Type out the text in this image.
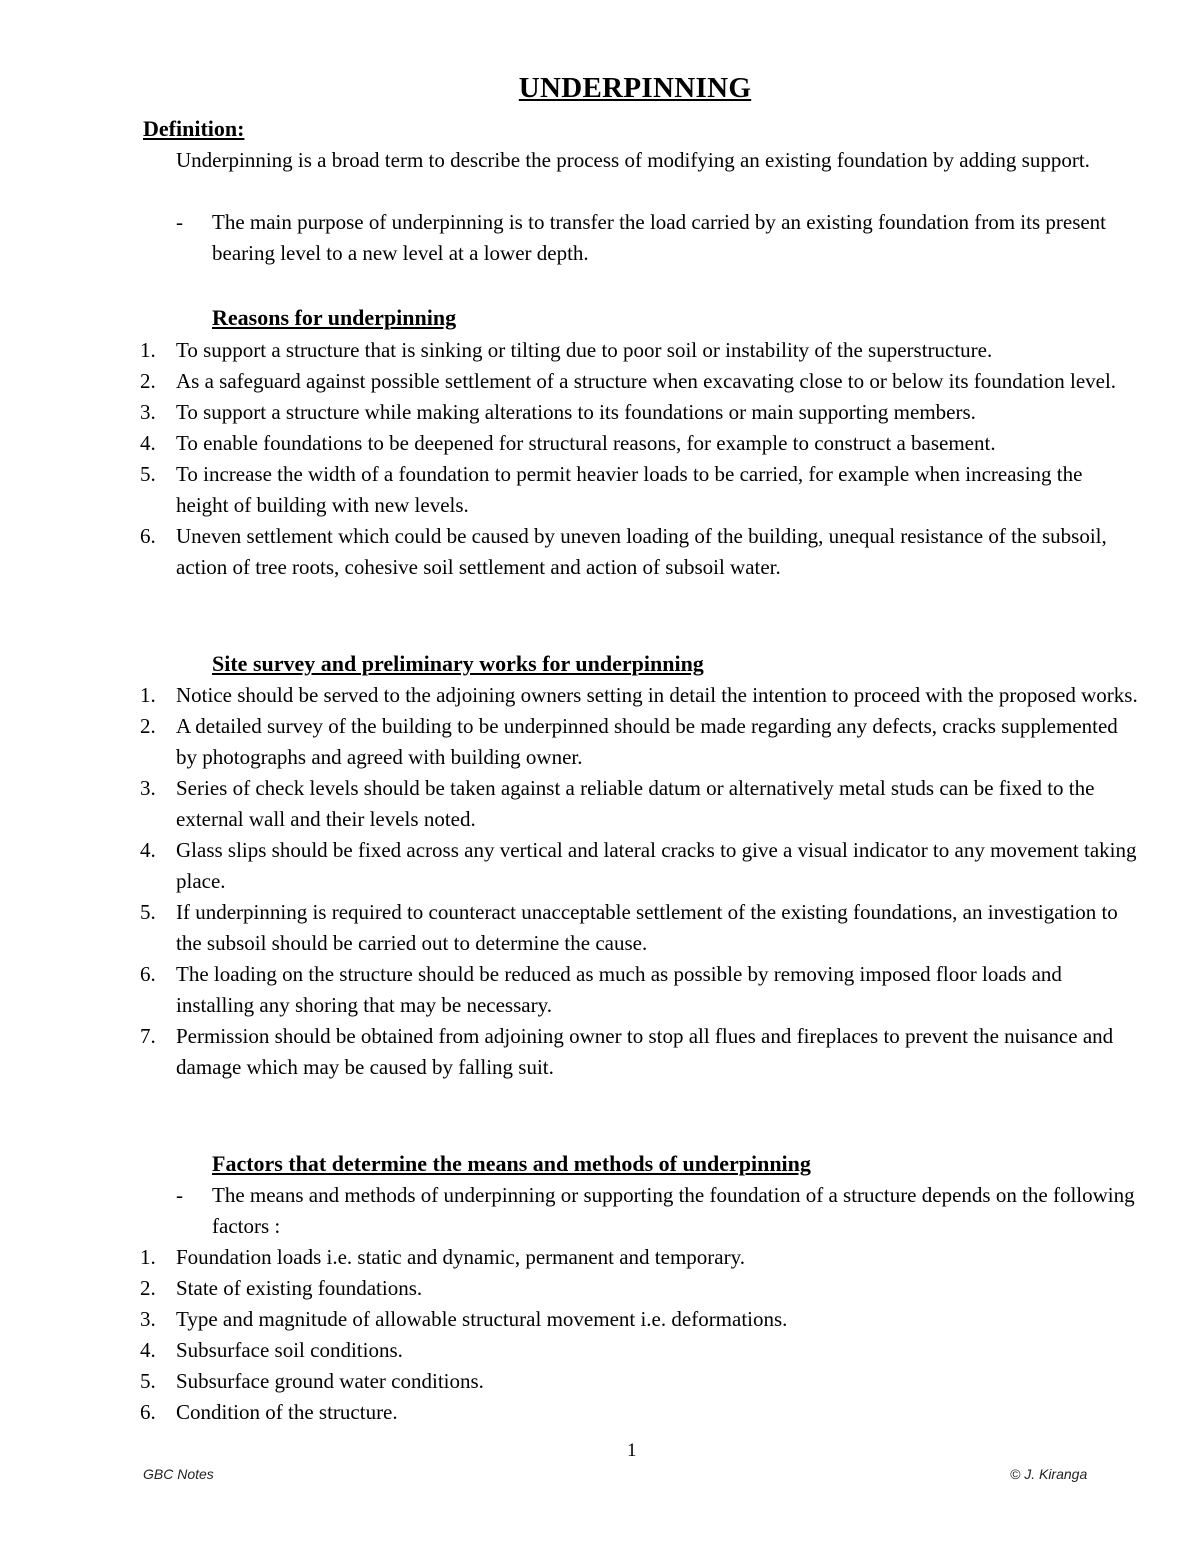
UNDERPINNING
Definition:
Underpinning is a broad term to describe the process of modifying an existing foundation by adding support.
- The main purpose of underpinning is to transfer the load carried by an existing foundation from its present bearing level to a new level at a lower depth.
Reasons for underpinning
1. To support a structure that is sinking or tilting due to poor soil or instability of the superstructure.
2. As a safeguard against possible settlement of a structure when excavating close to or below its foundation level.
3. To support a structure while making alterations to its foundations or main supporting members.
4. To enable foundations to be deepened for structural reasons, for example to construct a basement.
5. To increase the width of a foundation to permit heavier loads to be carried, for example when increasing the height of building with new levels.
6. Uneven settlement which could be caused by uneven loading of the building, unequal resistance of the subsoil, action of tree roots, cohesive soil settlement and action of subsoil water.
Site survey and preliminary works for underpinning
1. Notice should be served to the adjoining owners setting in detail the intention to proceed with the proposed works.
2. A detailed survey of the building to be underpinned should be made regarding any defects, cracks supplemented by photographs and agreed with building owner.
3. Series of check levels should be taken against a reliable datum or alternatively metal studs can be fixed to the external wall and their levels noted.
4. Glass slips should be fixed across any vertical and lateral cracks to give a visual indicator to any movement taking place.
5. If underpinning is required to counteract unacceptable settlement of the existing foundations, an investigation to the subsoil should be carried out to determine the cause.
6. The loading on the structure should be reduced as much as possible by removing imposed floor loads and installing any shoring that may be necessary.
7. Permission should be obtained from adjoining owner to stop all flues and fireplaces to prevent the nuisance and damage which may be caused by falling suit.
Factors that determine the means and methods of underpinning
- The means and methods of underpinning or supporting the foundation of a structure depends on the following factors :
1. Foundation loads i.e. static and dynamic, permanent and temporary.
2. State of existing foundations.
3. Type and magnitude of allowable structural movement i.e. deformations.
4. Subsurface soil conditions.
5. Subsurface ground water conditions.
6. Condition of the structure.
1
GBC Notes	© J. Kiranga
